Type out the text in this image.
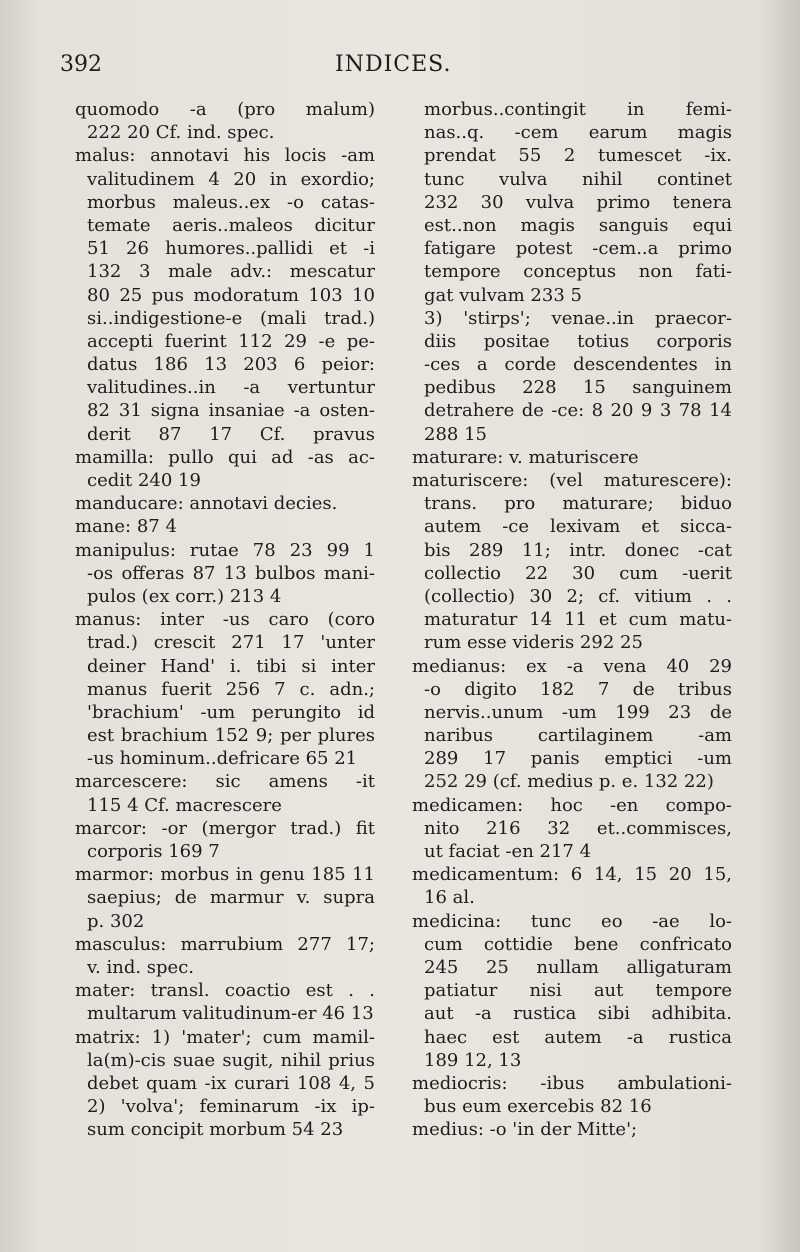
392	INDICES.
quomodo -a (pro malum)
222 20 Cf. ind. spec.
malus: annotavi his locis -am
valitudinem 4 20 in exordio;
morbus maleus..ex -o catas-
temate aeris..maleos dicitur
51 26 humores..pallidi et -i
132 3 male adv.: mescatur
80 25 pus modoratum 103 10
si..indigestione-e (mali trad.)
accepti fuerint 112 29 -e pe-
datus 186 13 203 6 peior:
valitudines..in -a vertuntur
82 31 signa insaniae -a osten-
derit 87 17 Cf. pravus
mamilla: pullo qui ad -as ac-
cedit 240 19
manducare: annotavi decies.
mane: 87 4
manipulus: rutae 78 23 99 1
-os offeras 87 13 bulbos mani-
pulos (ex corr.) 213 4
manus: inter -us caro (coro
trad.) crescit 271 17 'unter
deiner Hand' i. tibi si inter
manus fuerit 256 7 c. adn.;
'brachium' -um perungito id
est brachium 152 9; per plures
-us hominum..defricare 65 21
marcescere: sic amens -it
115 4 Cf. macrescere
marcor: -or (mergor trad.) fit
corporis 169 7
marmor: morbus in genu 185 11
saepius; de marmur v. supra
p. 302
masculus: marrubium 277 17;
v. ind. spec.
mater: transl. coactio est . .
multarum valitudinum-er 46 13
matrix: 1) 'mater'; cum mamil-
la(m)-cis suae sugit, nihil prius
debet quam -ix curari 108 4, 5
2) 'volva'; feminarum -ix ip-
sum concipit morbum 54 23
morbus..contingit in femi-
nas..q. -cem earum magis
prendat 55 2 tumescet -ix.
tunc vulva nihil continet
232 30 vulva primo tenera
est..non magis sanguis equi
fatigare potest -cem..a primo
tempore conceptus non fati-
gat vulvam 233 5
3) 'stirps'; venae..in praecor-
diis positae totius corporis
-ces a corde descendentes in
pedibus 228 15 sanguinem
detrahere de -ce: 8 20 9 3 78 14
288 15
maturare: v. maturiscere
maturiscere: (vel maturescere):
trans. pro maturare; biduo
autem -ce lexivam et sicca-
bis 289 11; intr. donec -cat
collectio 22 30 cum -uerit
(collectio) 30 2; cf. vitium . .
maturatur 14 11 et cum matu-
rum esse videris 292 25
medianus: ex -a vena 40 29
-o digito 182 7 de tribus
nervis..unum -um 199 23 de
naribus cartilaginem -am
289 17 panis emptici -um
252 29 (cf. medius p. e. 132 22)
medicamen: hoc -en compo-
nito 216 32 et..commisces,
ut faciat -en 217 4
medicamentum: 6 14, 15 20 15,
16 al.
medicina: tunc eo -ae lo-
cum cottidie bene confricato
245 25 nullam alligaturam
patiatur nisi aut tempore
aut -a rustica sibi adhibita.
haec est autem -a rustica
189 12, 13
mediocris: -ibus ambulationi-
bus eum exercebis 82 16
medius: -o 'in der Mitte';
